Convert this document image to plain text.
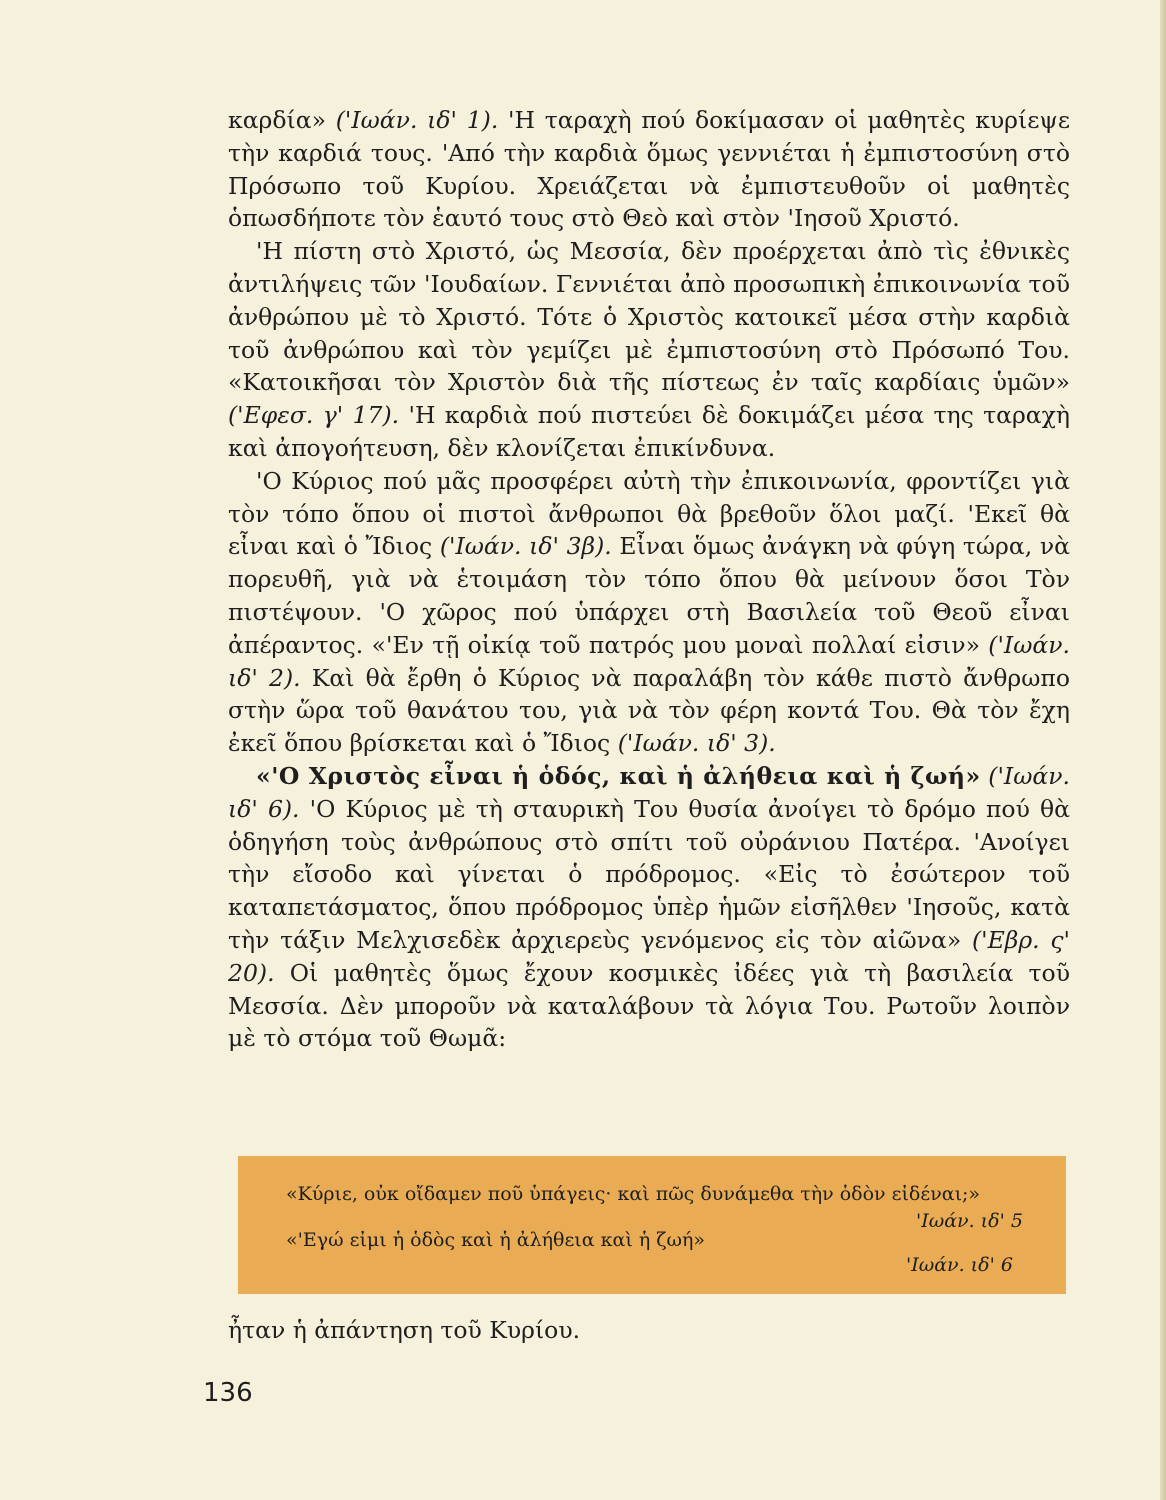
καρδία» ('Ιωάν. ιδ' 1). 'Η ταραχὴ πού δοκίμασαν οἱ μαθητὲς κυρίεψε τὴν καρδιά τους. 'Από τὴν καρδιὰ ὅμως γεννιέται ἡ ἐμπιστοσύνη στὸ Πρόσωπο τοῦ Κυρίου. Χρειάζεται νὰ ἐμπιστευθοῦν οἱ μαθητὲς ὁπωσδήποτε τὸν ἑαυτό τους στὸ Θεὸ καὶ στὸν 'Ιησοῦ Χριστό.

'Η πίστη στὸ Χριστό, ὡς Μεσσία, δὲν προέρχεται ἀπὸ τὶς ἐθνικὲς ἀντιλήψεις τῶν 'Ιουδαίων. Γεννιέται ἀπὸ προσωπικὴ ἐπικοινωνία τοῦ ἀνθρώπου μὲ τὸ Χριστό. Τότε ὁ Χριστὸς κατοικεῖ μέσα στὴν καρδιὰ τοῦ ἀνθρώπου καὶ τὸν γεμίζει μὲ ἐμπιστοσύνη στὸ Πρόσωπό Του. «Κατοικῆσαι τὸν Χριστὸν διὰ τῆς πίστεως ἐν ταῖς καρδίαις ὑμῶν» ('Εφεσ. γ' 17). 'Η καρδιὰ πού πιστεύει δὲ δοκιμάζει μέσα της ταραχὴ καὶ ἀπογοήτευση, δὲν κλονίζεται ἐπικίνδυνα.

'Ο Κύριος πού μᾶς προσφέρει αὐτὴ τὴν ἐπικοινωνία, φροντίζει γιὰ τὸν τόπο ὅπου οἱ πιστοὶ ἄνθρωποι θὰ βρεθοῦν ὅλοι μαζί. 'Εκεῖ θὰ εἶναι καὶ ὁ Ἴδιος ('Ιωάν. ιδ' 3β). Εἶναι ὅμως ἀνάγκη νὰ φύγη τώρα, νὰ πορευθῆ, γιὰ νὰ ἑτοιμάση τὸν τόπο ὅπου θὰ μείνουν ὅσοι Τὸν πιστέψουν. 'Ο χῶρος πού ὑπάρχει στὴ Βασιλεία τοῦ Θεοῦ εἶναι ἀπέραντος. «'Εν τῇ οἰκίᾳ τοῦ πατρός μου μοναὶ πολλαί εἰσιν» ('Ιωάν. ιδ' 2). Καὶ θὰ ἔρθη ὁ Κύριος νὰ παραλάβη τὸν κάθε πιστὸ ἄνθρωπο στὴν ὥρα τοῦ θανάτου του, γιὰ νὰ τὸν φέρη κοντά Του. Θὰ τὸν ἔχη ἐκεῖ ὅπου βρίσκεται καὶ ὁ Ἴδιος ('Ιωάν. ιδ' 3).

«'Ο Χριστὸς εἶναι ἡ ὁδός, καὶ ἡ ἀλήθεια καὶ ἡ ζωή» ('Ιωάν. ιδ' 6). 'Ο Κύριος μὲ τὴ σταυρικὴ Του θυσία ἀνοίγει τὸ δρόμο πού θὰ ὁδηγήση τοὺς ἀνθρώπους στὸ σπίτι τοῦ οὐράνιου Πατέρα. 'Ανοίγει τὴν εἴσοδο καὶ γίνεται ὁ πρόδρομος. «Εἰς τὸ ἐσώτερον τοῦ καταπετάσματος, ὅπου πρόδρομος ὑπὲρ ἡμῶν εἰσῆλθεν 'Ιησοῦς, κατὰ τὴν τάξιν Μελχισεδὲκ ἀρχιερεὺς γενόμενος εἰς τὸν αἰῶνα» ('Εβρ. ς' 20). Οἱ μαθητὲς ὅμως ἔχουν κοσμικὲς ἰδέες γιὰ τὴ βασιλεία τοῦ Μεσσία. Δὲν μποροῦν νὰ καταλάβουν τὰ λόγια Του. Ρωτοῦν λοιπὸν μὲ τὸ στόμα τοῦ Θωμᾶ:

«Κύριε, οὐκ οἴδαμεν ποῦ ὑπάγεις· καὶ πῶς δυνάμεθα τὴν ὁδὸν εἰδέναι;»
'Ιωάν. ιδ' 5
«'Εγώ εἰμι ἡ ὁδὸς καὶ ἡ ἀλήθεια καὶ ἡ ζωή»
'Ιωάν. ιδ' 6
ἦταν ἡ ἀπάντηση τοῦ Κυρίου.
136
